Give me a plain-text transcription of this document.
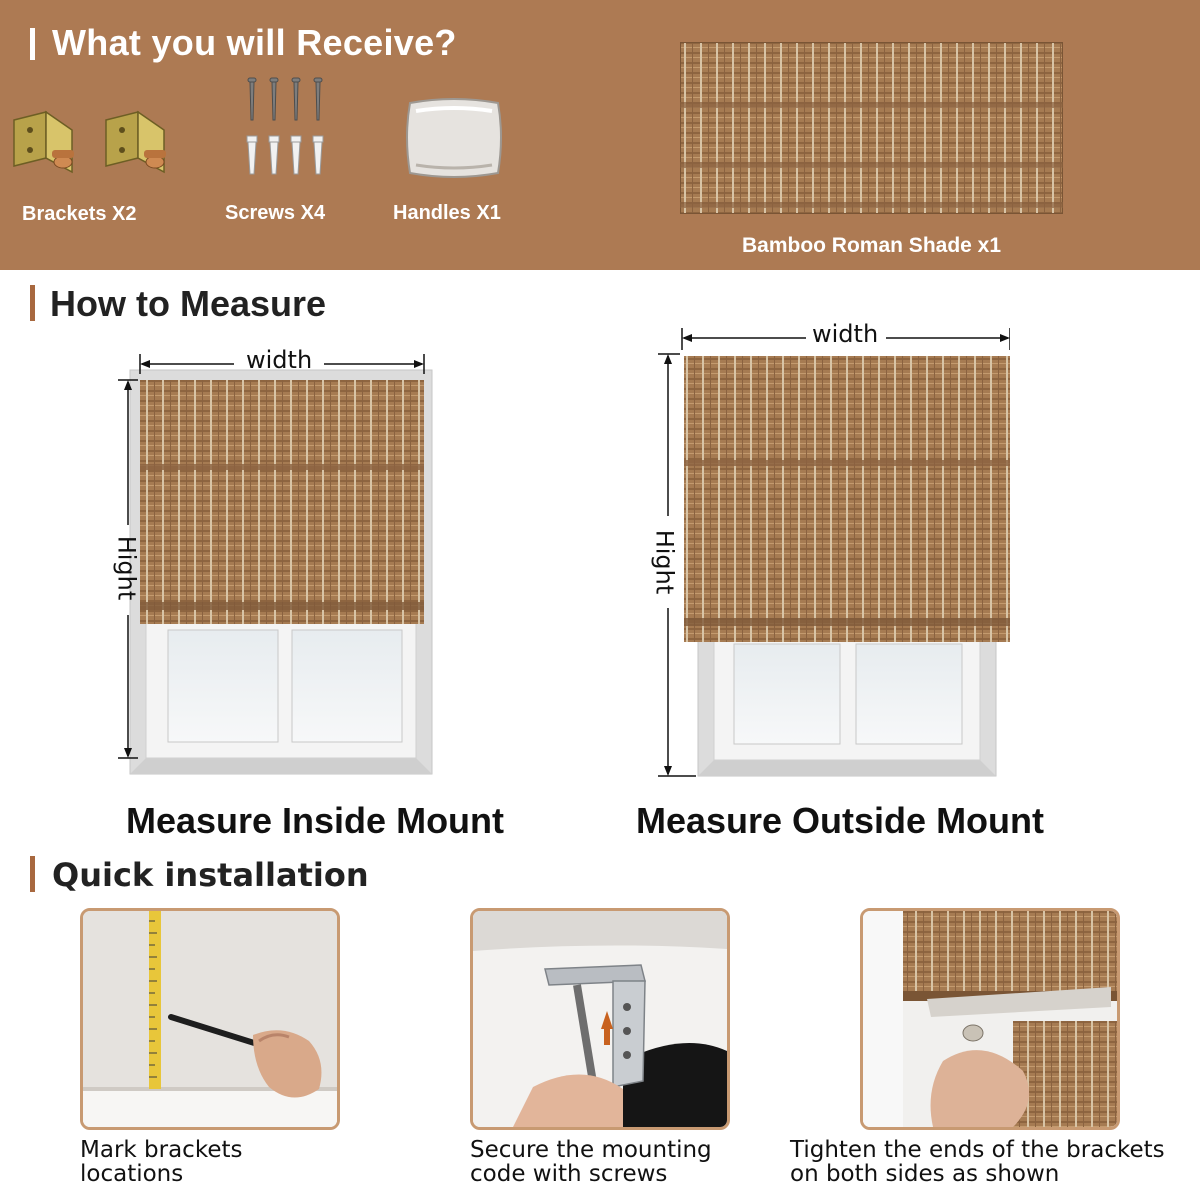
What you will Receive?
Brackets X2	Screws X4	Handles X1
Bamboo Roman Shade x1
How to Measure
width
Hight
Measure Inside Mount
width
Hight
Measure Outside Mount
Quick installation
Mark brackets
locations
Secure the mounting
code with screws
Tighten the ends of the brackets
on both sides as shown
